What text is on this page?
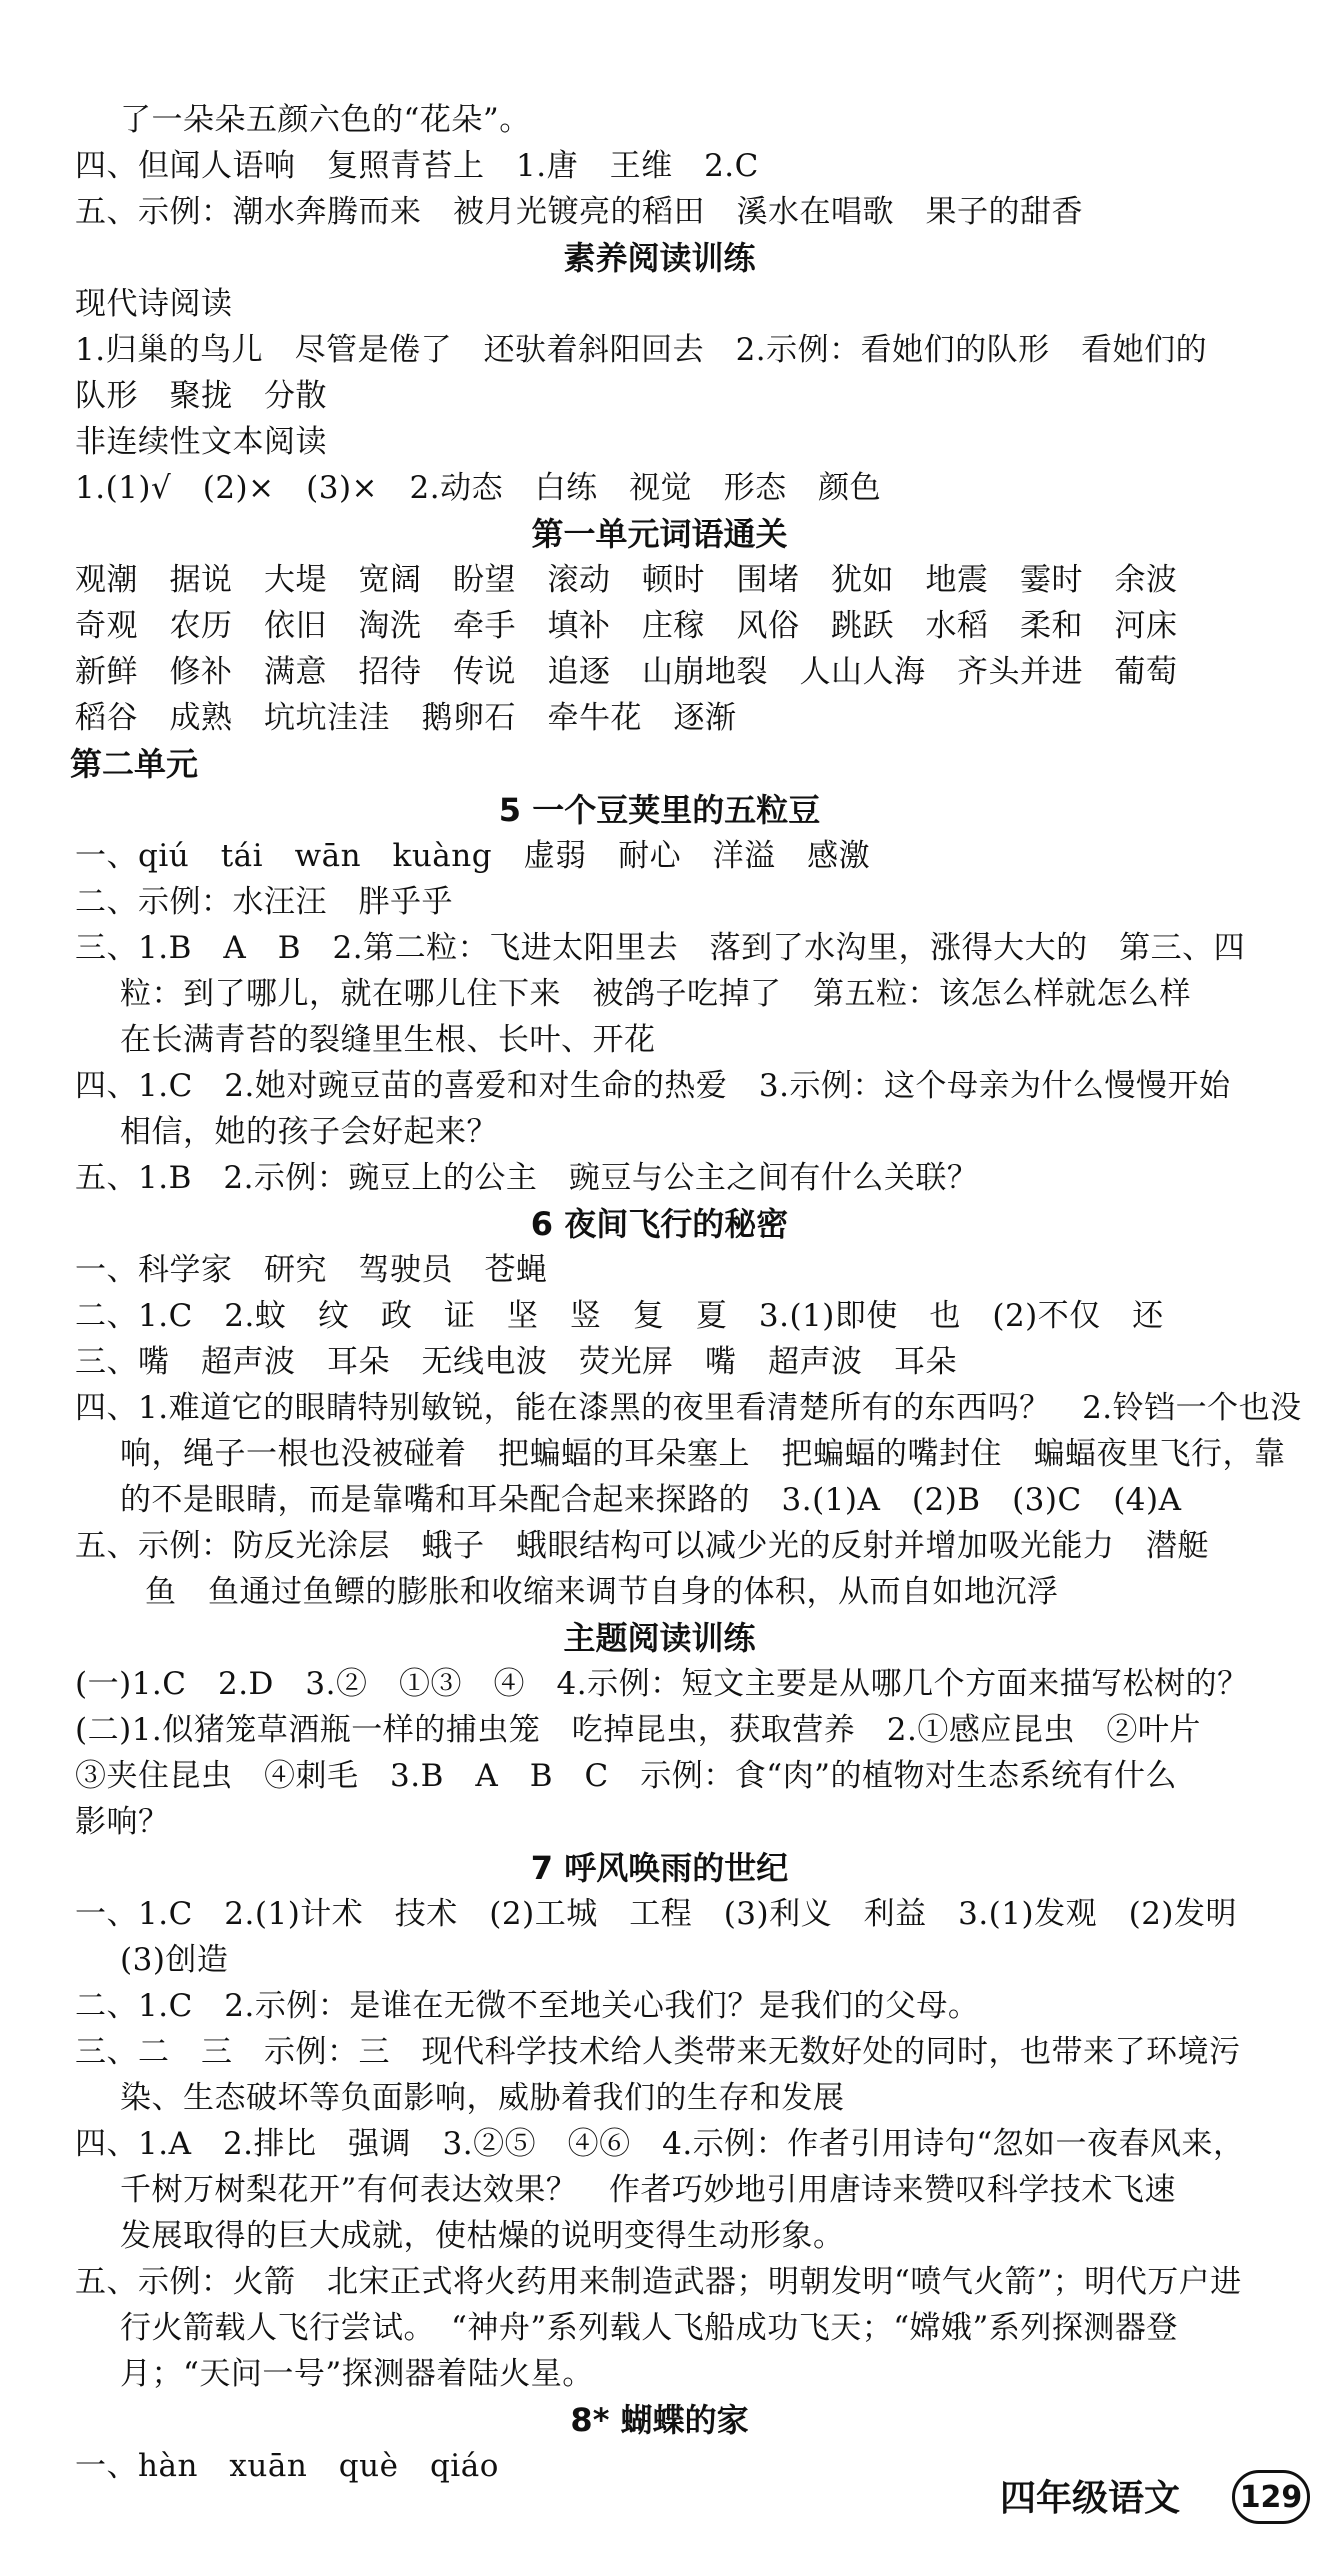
了一朵朵五颜六色的“花朵”。
四、但闻人语响　复照青苔上　1.唐　王维　2.C
五、示例：潮水奔腾而来　被月光镀亮的稻田　溪水在唱歌　果子的甜香
素养阅读训练
现代诗阅读
1.归巢的鸟儿　尽管是倦了　还驮着斜阳回去　2.示例：看她们的队形　看她们的
队形　聚拢　分散
非连续性文本阅读
1.(1)√　(2)×　(3)×　2.动态　白练　视觉　形态　颜色
第一单元词语通关
观潮　据说　大堤　宽阔　盼望　滚动　顿时　围堵　犹如　地震　霎时　余波
奇观　农历　依旧　淘洗　牵手　填补　庄稼　风俗　跳跃　水稻　柔和　河床
新鲜　修补　满意　招待　传说　追逐　山崩地裂　人山人海　齐头并进　葡萄
稻谷　成熟　坑坑洼洼　鹅卵石　牵牛花　逐渐
第二单元
5 一个豆荚里的五粒豆
一、qiú　tái　wān　kuàng　虚弱　耐心　洋溢　感激
二、示例：水汪汪　胖乎乎
三、1.B　A　B　2.第二粒：飞进太阳里去　落到了水沟里，涨得大大的　第三、四
粒：到了哪儿，就在哪儿住下来　被鸽子吃掉了　第五粒：该怎么样就怎么样
在长满青苔的裂缝里生根、长叶、开花
四、1.C　2.她对豌豆苗的喜爱和对生命的热爱　3.示例：这个母亲为什么慢慢开始
相信，她的孩子会好起来？
五、1.B　2.示例：豌豆上的公主　豌豆与公主之间有什么关联？
6 夜间飞行的秘密
一、科学家　研究　驾驶员　苍蝇
二、1.C　2.蚊　纹　政　证　坚　竖　复　夏　3.(1)即使　也　(2)不仅　还
三、嘴　超声波　耳朵　无线电波　荧光屏　嘴　超声波　耳朵
四、1.难道它的眼睛特别敏锐，能在漆黑的夜里看清楚所有的东西吗？　2.铃铛一个也没
响，绳子一根也没被碰着　把蝙蝠的耳朵塞上　把蝙蝠的嘴封住　蝙蝠夜里飞行，靠
的不是眼睛，而是靠嘴和耳朵配合起来探路的　3.(1)A　(2)B　(3)C　(4)A
五、示例：防反光涂层　蛾子　蛾眼结构可以减少光的反射并增加吸光能力　潜艇
鱼　鱼通过鱼鳔的膨胀和收缩来调节自身的体积，从而自如地沉浮
主题阅读训练
(一)1.C　2.D　3.②　①③　④　4.示例：短文主要是从哪几个方面来描写松树的？
(二)1.似猪笼草酒瓶一样的捕虫笼　吃掉昆虫，获取营养　2.①感应昆虫　②叶片
③夹住昆虫　④刺毛　3.B　A　B　C　示例：食“肉”的植物对生态系统有什么
影响？
7 呼风唤雨的世纪
一、1.C　2.(1)计术　技术　(2)工城　工程　(3)利义　利益　3.(1)发观　(2)发明
(3)创造
二、1.C　2.示例：是谁在无微不至地关心我们？是我们的父母。
三、二　三　示例：三　现代科学技术给人类带来无数好处的同时，也带来了环境污
染、生态破坏等负面影响，威胁着我们的生存和发展
四、1.A　2.排比　强调　3.②⑤　④⑥　4.示例：作者引用诗句“忽如一夜春风来，
千树万树梨花开”有何表达效果？　作者巧妙地引用唐诗来赞叹科学技术飞速
发展取得的巨大成就，使枯燥的说明变得生动形象。
五、示例：火箭　北宋正式将火药用来制造武器；明朝发明“喷气火箭”；明代万户进
行火箭载人飞行尝试。　“神舟”系列载人飞船成功飞天；“嫦娥”系列探测器登
月；“天问一号”探测器着陆火星。
8* 蝴蝶的家
一、hàn　xuān　què　qiáo
四年级语文 129
